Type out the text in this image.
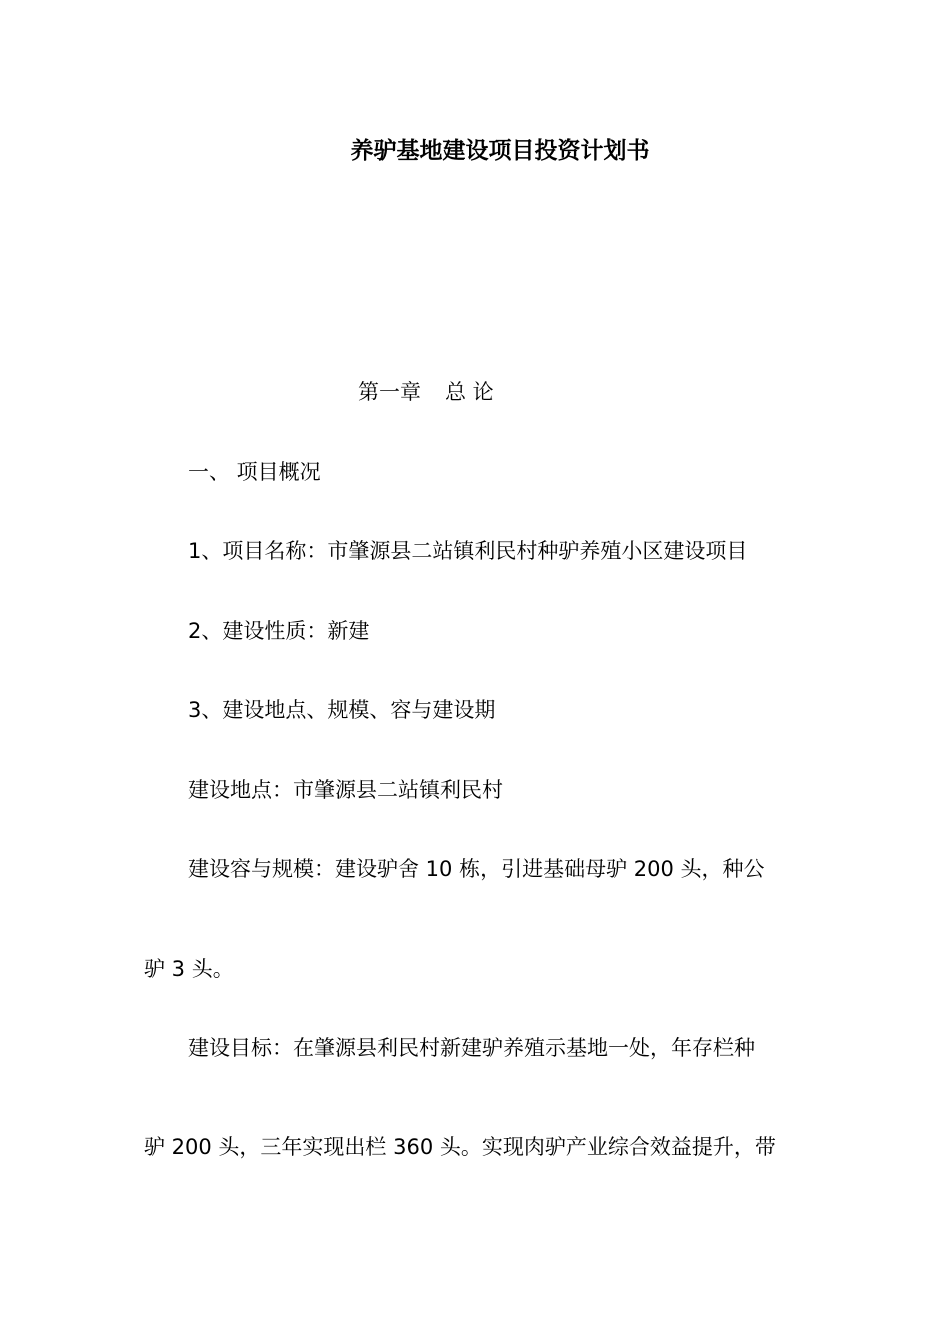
养驴基地建设项目投资计划书
第一章 总 论
一、 项目概况
1、项目名称：市肇源县二站镇利民村种驴养殖小区建设项目
2、建设性质：新建
3、建设地点、规模、容与建设期
建设地点：市肇源县二站镇利民村
建设容与规模：建设驴舍 10 栋，引进基础母驴 200 头，种公
驴 3 头。
建设目标：在肇源县利民村新建驴养殖示基地一处，年存栏种
驴 200 头，三年实现出栏 360 头。实现肉驴产业综合效益提升，带
